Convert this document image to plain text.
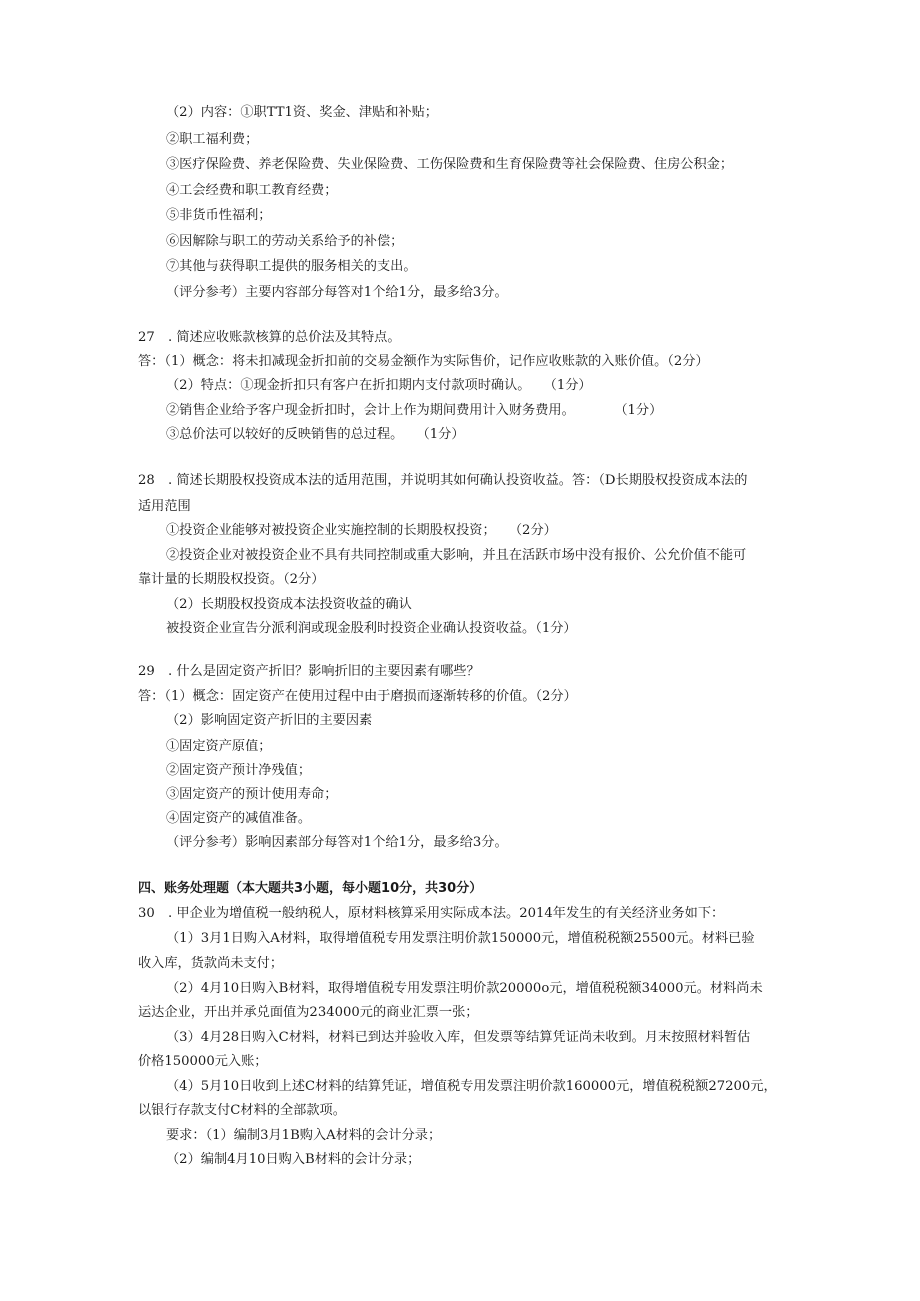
（2）内容：①职TT1资、奖金、津贴和补贴；
②职工福利费；
③医疗保险费、养老保险费、失业保险费、工伤保险费和生育保险费等社会保险费、住房公积金；
④工会经费和职工教育经费；
⑤非货币性福利；
⑥因解除与职工的劳动关系给予的补偿；
⑦其他与获得职工提供的服务相关的支出。
（评分参考）主要内容部分每答对1个给1分，最多给3分。
27　. 简述应收账款核算的总价法及其特点。
答：（1）概念：将未扣减现金折扣前的交易金额作为实际售价，记作应收账款的入账价值。（2分）
（2）特点：①现金折扣只有客户在折扣期内支付款项时确认。　　（1分）
②销售企业给予客户现金折扣时，会计上作为期间费用计入财务费用。　　　　（1分）
③总价法可以较好的反映销售的总过程。　　（1分）
28　. 简述长期股权投资成本法的适用范围，并说明其如何确认投资收益。答：（D长期股权投资成本法的
适用范围
①投资企业能够对被投资企业实施控制的长期股权投资；　　（2分）
②投资企业对被投资企业不具有共同控制或重大影响，并且在活跃市场中没有报价、公允价值不能可
靠计量的长期股权投资。（2分）
（2）长期股权投资成本法投资收益的确认
被投资企业宣告分派利润或现金股利时投资企业确认投资收益。（1分）
29　. 什么是固定资产折旧？影响折旧的主要因素有哪些？
答：（1）概念：固定资产在使用过程中由于磨损而逐渐转移的价值。（2分）
（2）影响固定资产折旧的主要因素
①固定资产原值；
②固定资产预计净残值；
③固定资产的预计使用寿命；
④固定资产的减值准备。
（评分参考）影响因素部分每答对1个给1分，最多给3分。
四、账务处理题（本大题共3小题，每小题10分，共30分）
30　. 甲企业为增值税一般纳税人，原材料核算采用实际成本法。2014年发生的有关经济业务如下：
（1）3月1日购入A材料，取得增值税专用发票注明价款150000元，增值税税额25500元。材料已验
收入库，货款尚未支付；
（2）4月10日购入B材料，取得增值税专用发票注明价款20000o元，增值税税额34000元。材料尚未
运达企业，开出并承兑面值为234000元的商业汇票一张；
（3）4月28日购入C材料，材料已到达并验收入库，但发票等结算凭证尚未收到。月末按照材料暂估
价格150000元入账；
（4）5月10日收到上述C材料的结算凭证，增值税专用发票注明价款160000元，增值税税额27200元，
以银行存款支付C材料的全部款项。
要求：（1）编制3月1B购入A材料的会计分录；
（2）编制4月10日购入B材料的会计分录；
